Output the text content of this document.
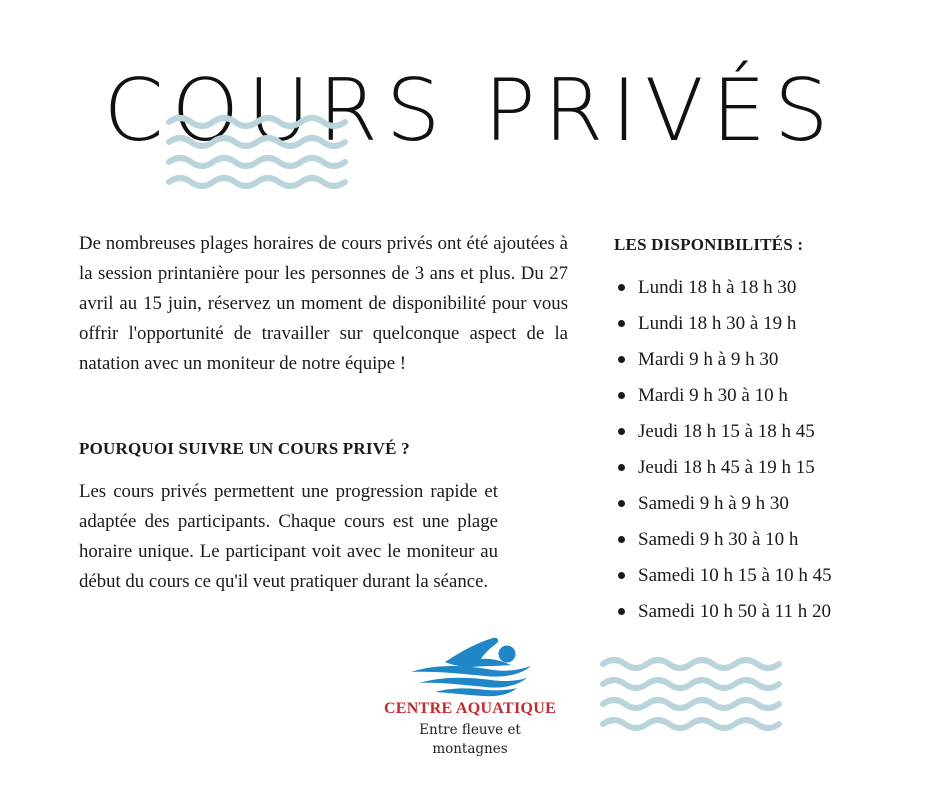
COURS PRIVÉS
De nombreuses plages horaires de cours privés ont été ajoutées à la session printanière pour les personnes de 3 ans et plus. Du 27 avril au 15 juin, réservez un moment de disponibilité pour vous offrir l'opportunité de travailler sur quelconque aspect de la natation avec un moniteur de notre équipe !
POURQUOI SUIVRE UN COURS PRIVÉ ?
Les cours privés permettent une progression rapide et adaptée des participants. Chaque cours est une plage horaire unique. Le participant voit avec le moniteur au début du cours ce qu'il veut pratiquer durant la séance.
LES DISPONIBILITÉS :
Lundi 18 h à 18 h 30
Lundi 18 h 30 à 19 h
Mardi 9 h à 9 h 30
Mardi 9 h 30 à 10 h
Jeudi 18 h 15 à 18 h 45
Jeudi 18 h 45 à 19 h 15
Samedi 9 h à 9 h 30
Samedi 9 h 30 à 10 h
Samedi 10 h 15 à 10 h 45
Samedi 10 h 50 à 11 h 20
CENTRE AQUATIQUE
Entre fleuve et
montagnes
